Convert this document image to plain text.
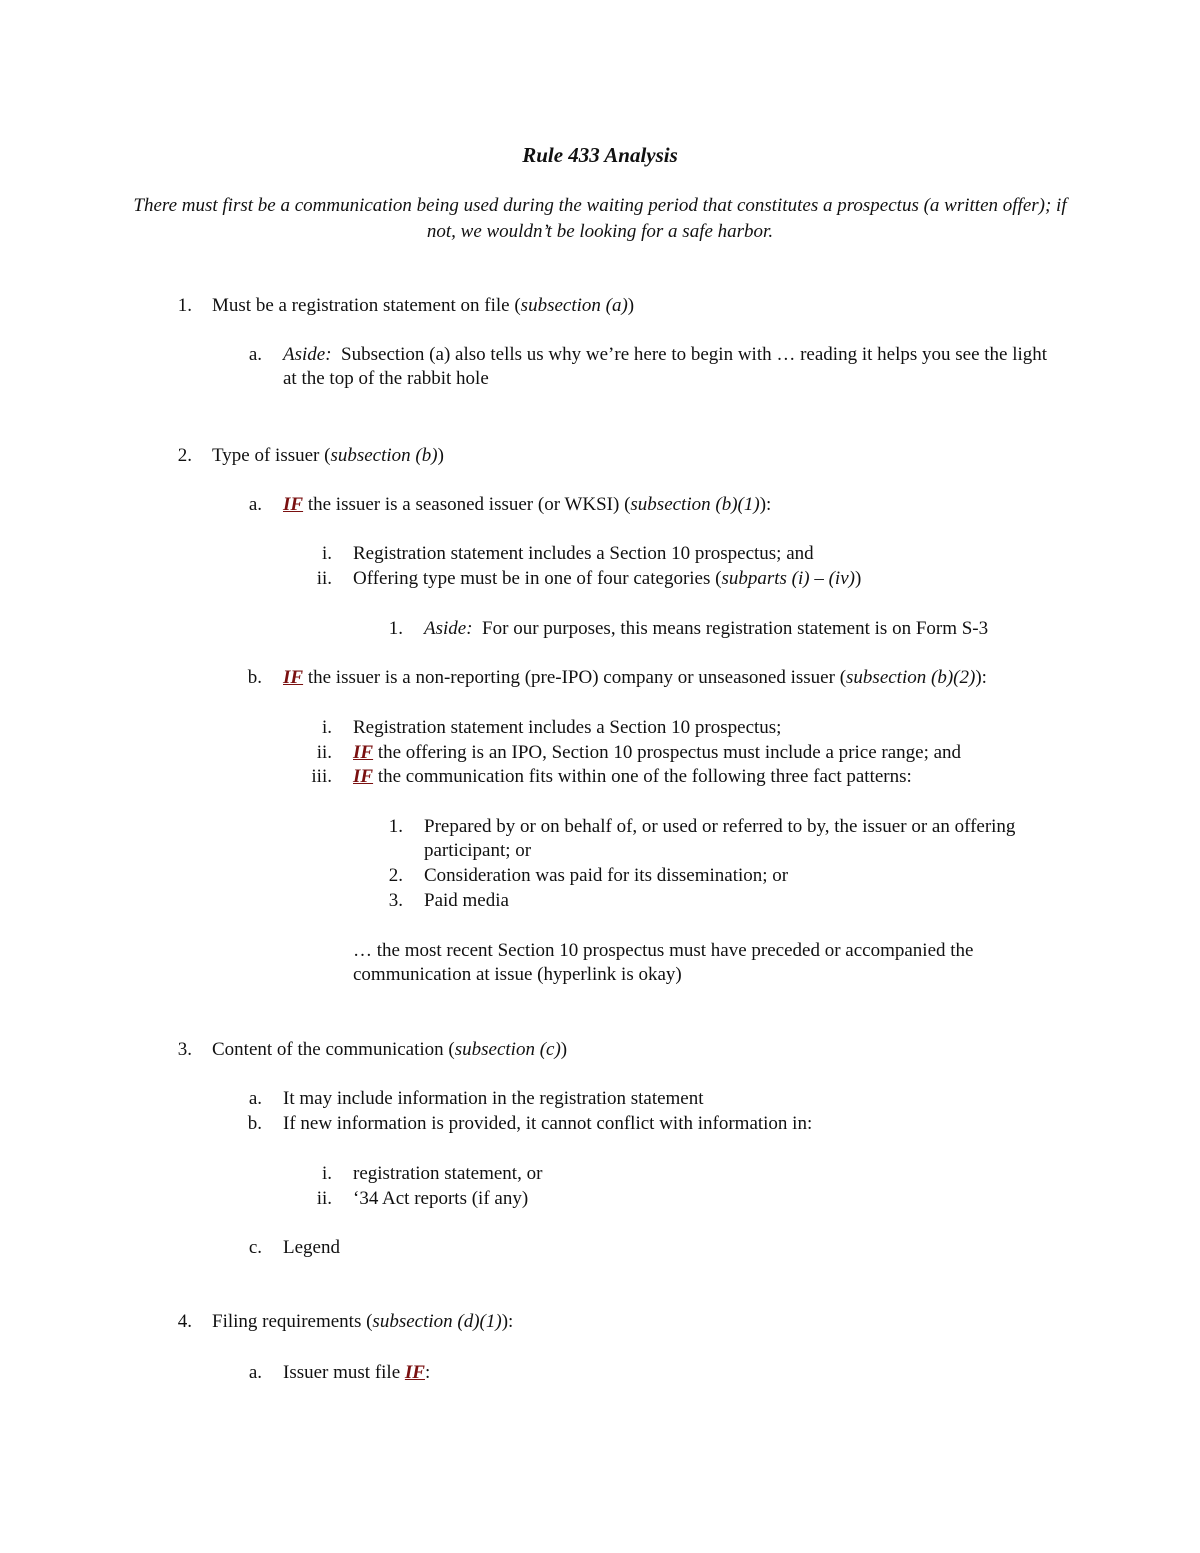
Rule 433 Analysis
There must first be a communication being used during the waiting period that constitutes a prospectus (a written offer); if not, we wouldn’t be looking for a safe harbor.
1. Must be a registration statement on file (subsection (a))
a. Aside: Subsection (a) also tells us why we’re here to begin with … reading it helps you see the light at the top of the rabbit hole
2. Type of issuer (subsection (b))
a. IF the issuer is a seasoned issuer (or WKSI) (subsection (b)(1)):
i. Registration statement includes a Section 10 prospectus; and
ii. Offering type must be in one of four categories (subparts (i) – (iv))
1. Aside: For our purposes, this means registration statement is on Form S-3
b. IF the issuer is a non-reporting (pre-IPO) company or unseasoned issuer (subsection (b)(2)):
i. Registration statement includes a Section 10 prospectus;
ii. IF the offering is an IPO, Section 10 prospectus must include a price range; and
iii. IF the communication fits within one of the following three fact patterns:
1. Prepared by or on behalf of, or used or referred to by, the issuer or an offering participant; or
2. Consideration was paid for its dissemination; or
3. Paid media
… the most recent Section 10 prospectus must have preceded or accompanied the communication at issue (hyperlink is okay)
3. Content of the communication (subsection (c))
a. It may include information in the registration statement
b. If new information is provided, it cannot conflict with information in:
i. registration statement, or
ii. ‘34 Act reports (if any)
c. Legend
4. Filing requirements (subsection (d)(1)):
a. Issuer must file IF:
